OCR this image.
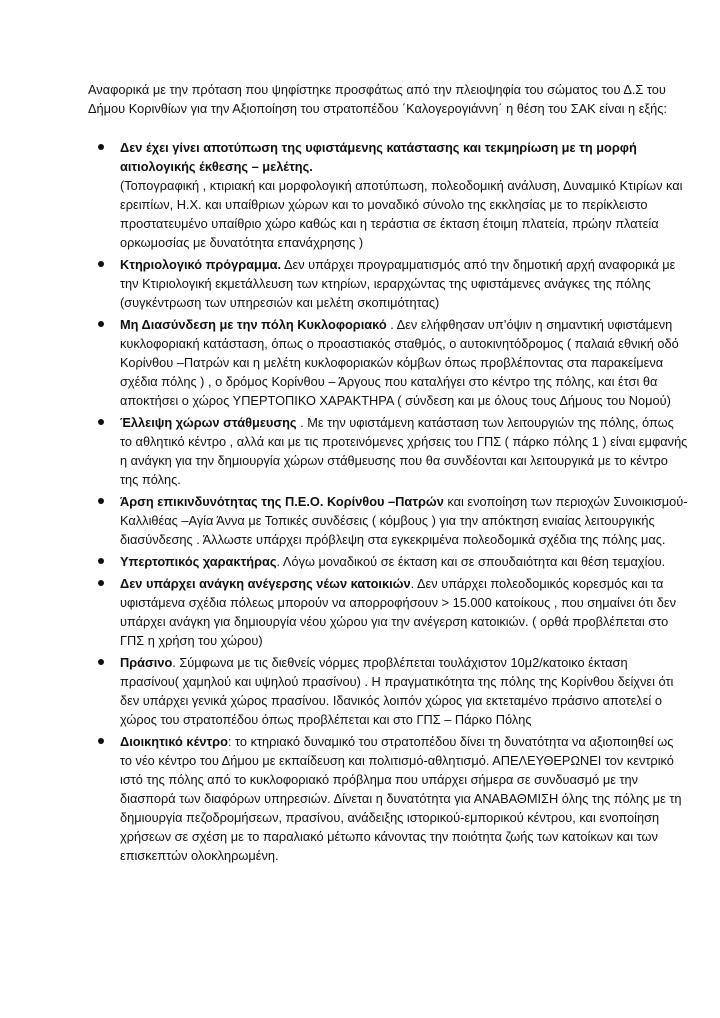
Αναφορικά με την πρόταση που ψηφίστηκε προσφάτως από την πλειοψηφία του σώματος του Δ.Σ του Δήμου Κορινθίων για την Αξιοποίηση του στρατοπέδου ΄Καλογερογιάννη΄ η θέση του ΣΑΚ είναι η εξής:

Δεν έχει γίνει αποτύπωση της υφιστάμενης κατάστασης και τεκμηρίωση με τη μορφή αιτιολογικής έκθεσης – μελέτης.

(Τοπογραφική , κτιριακή και μορφολογική αποτύπωση, πολεοδομική ανάλυση, Δυναμικό Κτιρίων και ερειπίων, Η.Χ. και υπαίθριων χώρων και το μοναδικό σύνολο της εκκλησίας με το περίκλειστο προστατευμένο υπαίθριο χώρο καθώς και η τεράστια σε έκταση έτοιμη πλατεία, πρώην πλατεία ορκωμοσίας με δυνατότητα επανάχρησης )

Κτηριολογικό πρόγραμμα. Δεν υπάρχει προγραμματισμός από την δημοτική αρχή αναφορικά με την Κτιριολογική εκμετάλλευση των κτηρίων, ιεραρχώντας της υφιστάμενες ανάγκες της πόλης (συγκέντρωση των υπηρεσιών και μελέτη σκοπιμότητας)

Μη Διασύνδεση με την πόλη Κυκλοφοριακό . Δεν ελήφθησαν υπ’όψιν η σημαντική υφιστάμενη κυκλοφοριακή κατάσταση, όπως ο προαστιακός σταθμός, ο αυτοκινητόδρομος ( παλαιά εθνική οδό Κορίνθου –Πατρών και η μελέτη κυκλοφοριακών κόμβων όπως προβλέποντας στα παρακείμενα σχέδια πόλης ) , ο δρόμος Κορίνθου – Άργους που καταλήγει στο κέντρο της πόλης, και έτσι θα αποκτήσει ο χώρος ΥΠΕΡΤΟΠΙΚΟ ΧΑΡΑΚΤΗΡΑ ( σύνδεση και με όλους τους Δήμους του Νομού)

Έλλειψη χώρων στάθμευσης . Με την υφιστάμενη κατάσταση των λειτουργιών της πόλης, όπως το αθλητικό κέντρο , αλλά και με τις προτεινόμενες χρήσεις του ΓΠΣ ( πάρκο πόλης 1 ) είναι εμφανής η ανάγκη για την δημιουργία χώρων στάθμευσης που θα συνδέονται και λειτουργικά με το κέντρο της πόλης.

Άρση επικινδυνότητας της Π.Ε.Ο. Κορίνθου –Πατρών και ενοποίηση των περιοχών Συνοικισμού-Καλλιθέας –Αγία Άννα με Τοπικές συνδέσεις ( κόμβους ) για την απόκτηση ενιαίας λειτουργικής διασύνδεσης . Άλλωστε υπάρχει πρόβλεψη στα εγκεκριμένα πολεοδομικά σχέδια της πόλης μας.

Υπερτοπικός χαρακτήρας. Λόγω μοναδικού σε έκταση και σε σπουδαιότητα και θέση τεμαχίου.

Δεν υπάρχει ανάγκη ανέγερσης νέων κατοικιών. Δεν υπάρχει πολεοδομικός κορεσμός και τα υφιστάμενα σχέδια πόλεως μπορούν να απορροφήσουν > 15.000 κατοίκους , που σημαίνει ότι δεν υπάρχει ανάγκη για δημιουργία νέου χώρου για την ανέγερση κατοικιών. ( ορθά προβλέπεται στο ΓΠΣ η χρήση του χώρου)

Πράσινο. Σύμφωνα με τις διεθνείς νόρμες προβλέπεται τουλάχιστον 10μ2/κατοικο έκταση πρασίνου( χαμηλού και υψηλού πρασίνου) . Η πραγματικότητα της πόλης της Κορίνθου δείχνει ότι δεν υπάρχει γενικά χώρος πρασίνου. Ιδανικός λοιπόν χώρος για εκτεταμένο πράσινο αποτελεί ο χώρος του στρατοπέδου όπως προβλέπεται και στο ΓΠΣ – Πάρκο Πόλης

Διοικητικό κέντρο: το κτηριακό δυναμικό του στρατοπέδου δίνει τη δυνατότητα να αξιοποιηθεί ως το νέο κέντρο του Δήμου με εκπαίδευση και πολιτισμό-αθλητισμό. ΑΠΕΛΕΥΘΕΡΩΝΕΙ τον κεντρικό ιστό της πόλης από το κυκλοφοριακό πρόβλημα που υπάρχει σήμερα σε συνδυασμό με την διασπορά των διαφόρων υπηρεσιών. Δίνεται η δυνατότητα για ΑΝΑΒΑΘΜΙΣΗ όλης της πόλης με τη δημιουργία πεζοδρομήσεων, πρασίνου, ανάδειξης ιστορικού-εμπορικού κέντρου, και ενοποίηση χρήσεων σε σχέση με το παραλιακό μέτωπο κάνοντας την ποιότητα ζωής των κατοίκων και των επισκεπτών ολοκληρωμένη.
